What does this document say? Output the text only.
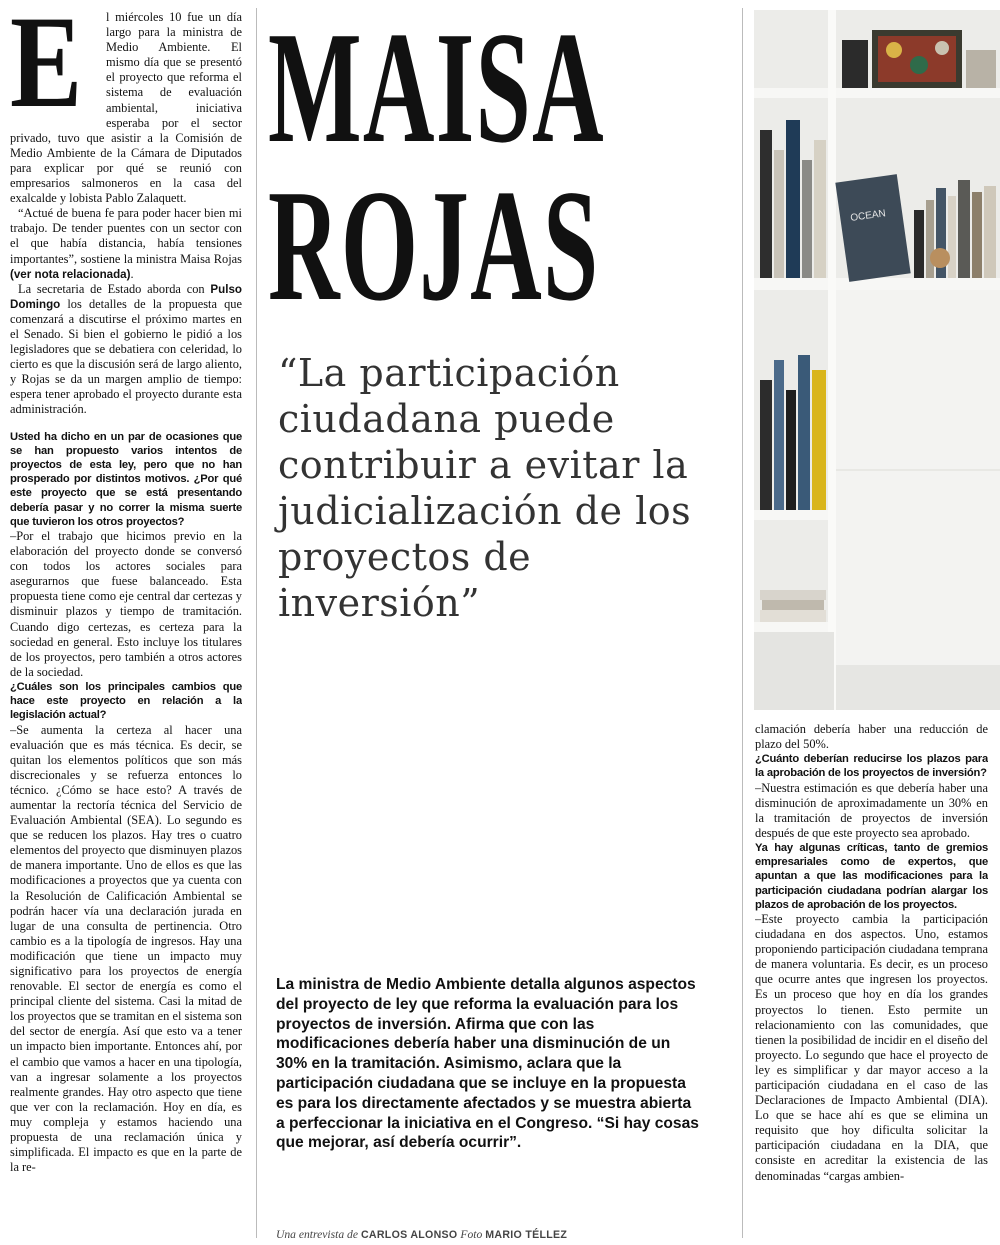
E	l miércoles 10 fue un día largo para la ministra de Medio Ambiente. El mismo día que se presentó el proyecto que reforma el sistema de evaluación ambiental, iniciativa esperaba por el sector privado, tuvo que asistir a la Comisión de Medio Ambiente de la Cámara de Diputados para explicar por qué se reunió con empresarios salmoneros en la casa del exalcalde y lobista Pablo Zalaquett.

“Actué de buena fe para poder hacer bien mi trabajo. De tender puentes con un sector con el que había distancia, había tensiones importantes”, sostiene la ministra Maisa Rojas (ver nota relacionada).

La secretaria de Estado aborda con Pulso Domingo los detalles de la propuesta que comenzará a discutirse el próximo martes en el Senado. Si bien el gobierno le pidió a los legisladores que se debatiera con celeridad, lo cierto es que la discusión será de largo aliento, y Rojas se da un margen amplio de tiempo: espera tener aprobado el proyecto durante esta administración.

Usted ha dicho en un par de ocasiones que se han propuesto varios intentos de proyectos de esta ley, pero que no han prosperado por distintos motivos. ¿Por qué este proyecto que se está presentando debería pasar y no correr la misma suerte que tuvieron los otros proyectos?

–Por el trabajo que hicimos previo en la elaboración del proyecto donde se conversó con todos los actores sociales para asegurarnos que fuese balanceado. Esta propuesta tiene como eje central dar certezas y disminuir plazos y tiempo de tramitación. Cuando digo certezas, es certeza para la sociedad en general. Esto incluye los titulares de los proyectos, pero también a otros actores de la sociedad.

¿Cuáles son los principales cambios que hace este proyecto en relación a la legislación actual?

–Se aumenta la certeza al hacer una evaluación que es más técnica. Es decir, se quitan los elementos políticos que son más discrecionales y se refuerza entonces lo técnico. ¿Cómo se hace esto? A través de aumentar la rectoría técnica del Servicio de Evaluación Ambiental (SEA). Lo segundo es que se reducen los plazos. Hay tres o cuatro elementos del proyecto que disminuyen plazos de manera importante. Uno de ellos es que las modificaciones a proyectos que ya cuenta con la Resolución de Calificación Ambiental se podrán hacer vía una declaración jurada en lugar de una consulta de pertinencia. Otro cambio es a la tipología de ingresos. Hay una modificación que tiene un impacto muy significativo para los proyectos de energía renovable. El sector de energía es como el principal cliente del sistema. Casi la mitad de los proyectos que se tramitan en el sistema son del sector de energía. Así que esto va a tener un impacto bien importante. Entonces ahí, por el cambio que vamos a hacer en una tipología, van a ingresar solamente a los proyectos realmente grandes. Hay otro aspecto que tiene que ver con la reclamación. Hoy en día, es muy compleja y estamos haciendo una propuesta de una reclamación única y simplificada. El impacto es que en la parte de la re-

MAISA
ROJAS

“La participación ciudadana puede contribuir a evitar la judicialización de los proyectos de inversión”

La ministra de Medio Ambiente detalla algunos aspectos del proyecto de ley que reforma la evaluación para los proyectos de inversión. Afirma que con las modificaciones debería haber una disminución de un 30% en la tramitación. Asimismo, aclara que la participación ciudadana que se incluye en la propuesta es para los directamente afectados y se muestra abierta a perfeccionar la iniciativa en el Congreso. “Si hay cosas que mejorar, así debería ocurrir”.

Una entrevista de CARLOS ALONSO Foto MARIO TÉLLEZ
OCEAN

clamación debería haber una reducción de plazo del 50%.

¿Cuánto deberían reducirse los plazos para la aprobación de los proyectos de inversión?

–Nuestra estimación es que debería haber una disminución de aproximadamente un 30% en la tramitación de proyectos de inversión después de que este proyecto sea aprobado.

Ya hay algunas críticas, tanto de gremios empresariales como de expertos, que apuntan a que las modificaciones para la participación ciudadana podrían alargar los plazos de aprobación de los proyectos.

–Este proyecto cambia la participación ciudadana en dos aspectos. Uno, estamos proponiendo participación ciudadana temprana de manera voluntaria. Es decir, es un proceso que ocurre antes que ingresen los proyectos. Es un proceso que hoy en día los grandes proyectos lo tienen. Esto permite un relacionamiento con las comunidades, que tienen la posibilidad de incidir en el diseño del proyecto. Lo segundo que hace el proyecto de ley es simplificar y dar mayor acceso a la participación ciudadana en el caso de las Declaraciones de Impacto Ambiental (DIA). Lo que se hace ahí es que se elimina un requisito que hoy dificulta solicitar la participación ciudadana en la DIA, que consiste en acreditar la existencia de las denominadas “cargas ambien-
